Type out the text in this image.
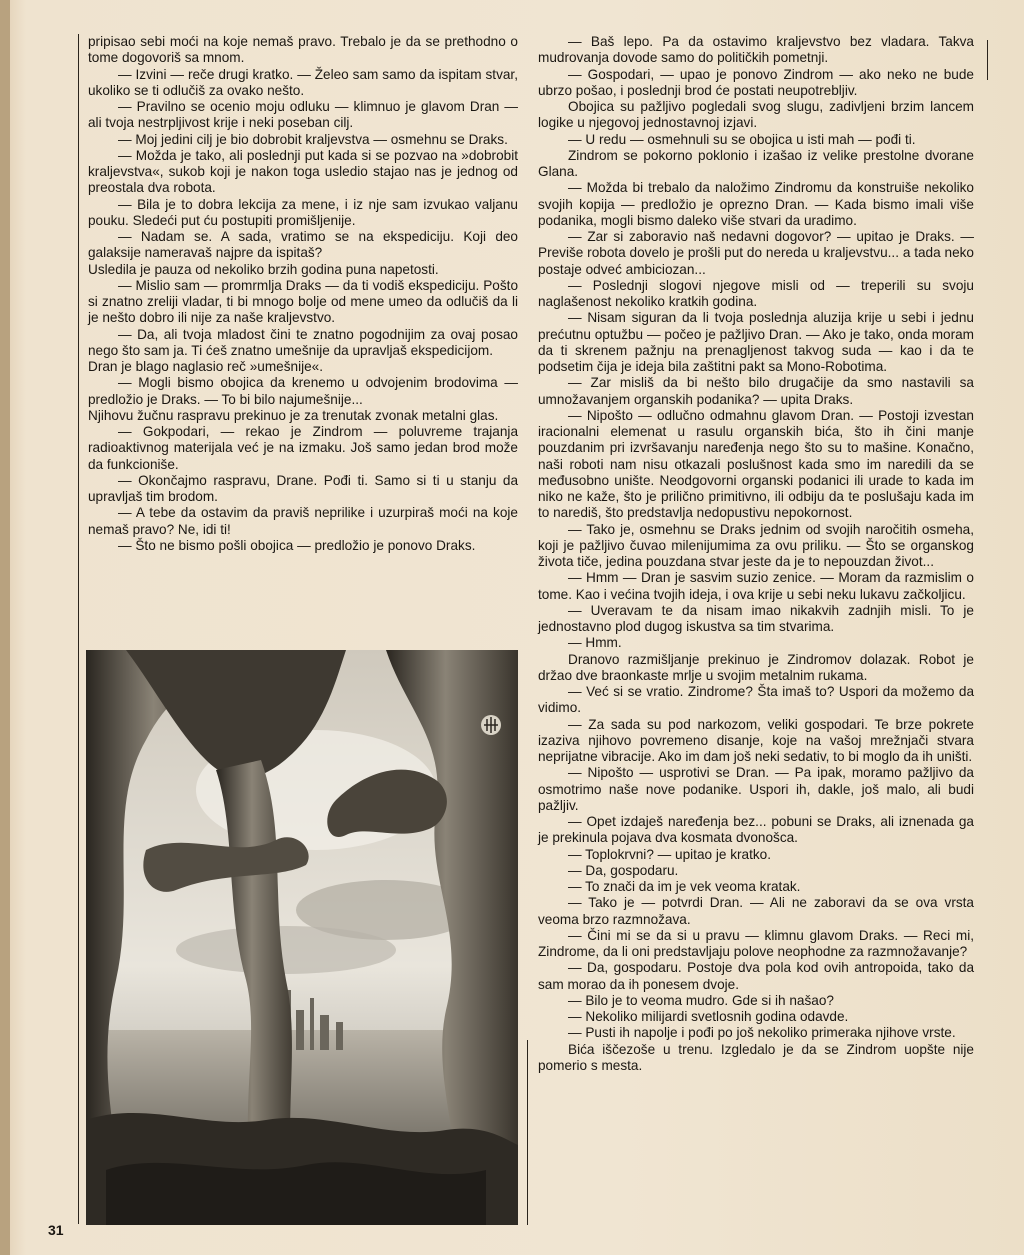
pripisao sebi moći na koje nemaš pravo. Trebalo je da se prethodno o tome dogovoriš sa mnom.

— Izvini — reče drugi kratko. — Želeo sam samo da ispitam stvar, ukoliko se ti odlučiš za ovako nešto.

— Pravilno se ocenio moju odluku — klimnuo je glavom Dran — ali tvoja nestrpljivost krije i neki poseban cilj.

— Moj jedini cilj je bio dobrobit kraljevstva — osmehnu se Draks.

— Možda je tako, ali poslednji put kada si se pozvao na »dobrobit kraljevstva«, sukob koji je nakon toga usledio stajao nas je jednog od preostala dva robota.

— Bila je to dobra lekcija za mene, i iz nje sam izvukao valjanu pouku. Sledeći put ću postupiti promišljenije.

— Nadam se. A sada, vratimo se na ekspediciju. Koji deo galaksije nameravaš najpre da ispitaš?

Usledila je pauza od nekoliko brzih godina puna napetosti.

— Mislio sam — promrmlja Draks — da ti vodiš ekspediciju. Pošto si znatno zreliji vladar, ti bi mnogo bolje od mene umeo da odlučiš da li je nešto dobro ili nije za naše kraljevstvo.

— Da, ali tvoja mladost čini te znatno pogodnijim za ovaj posao nego što sam ja. Ti ćeš znatno umešnije da upravljaš ekspedicijom.

Dran je blago naglasio reč »umešnije«.

— Mogli bismo obojica da krenemo u odvojenim brodovima — predložio je Draks. — To bi bilo najumešnije...

Njihovu žučnu raspravu prekinuo je za trenutak zvonak metalni glas.

— Gokpodari, — rekao je Zindrom — poluvreme trajanja radioaktivnog materijala već je na izmaku. Još samo jedan brod može da funkcioniše.

— Okončajmo raspravu, Drane. Pođi ti. Samo si ti u stanju da upravljaš tim brodom.

— A tebe da ostavim da praviš neprilike i uzurpiraš moći na koje nemaš pravo? Ne, idi ti!

— Što ne bismo pošli obojica — predložio je ponovo Draks.

— Baš lepo. Pa da ostavimo kraljevstvo bez vladara. Takva mudrovanja dovode samo do političkih pometnji.

— Gospodari, — upao je ponovo Zindrom — ako neko ne bude ubrzo pošao, i poslednji brod će postati neupotrebljiv.

Obojica su pažljivo pogledali svog slugu, zadivljeni brzim lancem logike u njegovoj jednostavnoj izjavi.

— U redu — osmehnuli su se obojica u isti mah — pođi ti.

Zindrom se pokorno poklonio i izašao iz velike prestolne dvorane Glana.

— Možda bi trebalo da naložimo Zindromu da konstruiše nekoliko svojih kopija — predložio je oprezno Dran. — Kada bismo imali više podanika, mogli bismo daleko više stvari da uradimo.

— Zar si zaboravio naš nedavni dogovor? — upitao je Draks. — Previše robota dovelo je prošli put do nereda u kraljevstvu... a tada neko postaje odveć ambiciozan...

— Poslednji slogovi njegove misli od — treperili su svoju naglašenost nekoliko kratkih godina.

— Nisam siguran da li tvoja poslednja aluzija krije u sebi i jednu prećutnu optužbu — počeo je pažljivo Dran. — Ako je tako, onda moram da ti skrenem pažnju na prenagljenost takvog suda — kao i da te podsetim čija je ideja bila zaštitni pakt sa Mono-Robotima.

— Zar misliš da bi nešto bilo drugačije da smo nastavili sa umnožavanjem organskih podanika? — upita Draks.

— Nipošto — odlučno odmahnu glavom Dran. — Postoji izvestan iracionalni elemenat u rasulu organskih bića, što ih čini manje pouzdanim pri izvršavanju naređenja nego što su to mašine. Konačno, naši roboti nam nisu otkazali poslušnost kada smo im naredili da se međusobno unište. Neodgovorni organski podanici ili urade to kada im niko ne kaže, što je prilično primitivno, ili odbiju da te poslušaju kada im to narediš, što predstavlja nedopustivu nepokornost.

— Tako je, osmehnu se Draks jednim od svojih naročitih osmeha, koji je pažljivo čuvao milenijumima za ovu priliku. — Što se organskog života tiče, jedina pouzdana stvar jeste da je to nepouzdan život...

— Hmm — Dran je sasvim suzio zenice. — Moram da razmislim o tome. Kao i većina tvojih ideja, i ova krije u sebi neku lukavu začkoljicu.

— Uveravam te da nisam imao nikakvih zadnjih misli. To je jednostavno plod dugog iskustva sa tim stvarima.

— Hmm.

Dranovo razmišljanje prekinuo je Zindromov dolazak. Robot je držao dve braonkaste mrlje u svojim metalnim rukama.

— Već si se vratio. Zindrome? Šta imaš to? Uspori da možemo da vidimo.

— Za sada su pod narkozom, veliki gospodari. Te brze pokrete izaziva njihovo povremeno disanje, koje na vašoj mrežnjači stvara neprijatne vibracije. Ako im dam još neki sedativ, to bi moglo da ih uništi.

— Nipošto — usprotivi se Dran. — Pa ipak, moramo pažljivo da osmotrimo naše nove podanike. Uspori ih, dakle, još malo, ali budi pažljiv.

— Opet izdaješ naređenja bez... pobuni se Draks, ali iznenada ga je prekinula pojava dva kosmata dvonošca.

— Toplokrvni? — upitao je kratko.

— Da, gospodaru.

— To znači da im je vek veoma kratak.

— Tako je — potvrdi Dran. — Ali ne zaboravi da se ova vrsta veoma brzo razmnožava.

— Čini mi se da si u pravu — klimnu glavom Draks. — Reci mi, Zindrome, da li oni predstavljaju polove neophodne za razmnožavanje?

— Da, gospodaru. Postoje dva pola kod ovih antropoida, tako da sam morao da ih ponesem dvoje.

— Bilo je to veoma mudro. Gde si ih našao?

— Nekoliko milijardi svetlosnih godina odavde.

— Pusti ih napolje i pođi po još nekoliko primeraka njihove vrste.

Bića iščezoše u trenu. Izgledalo je da se Zindrom uopšte nije pomerio s mesta.

31
